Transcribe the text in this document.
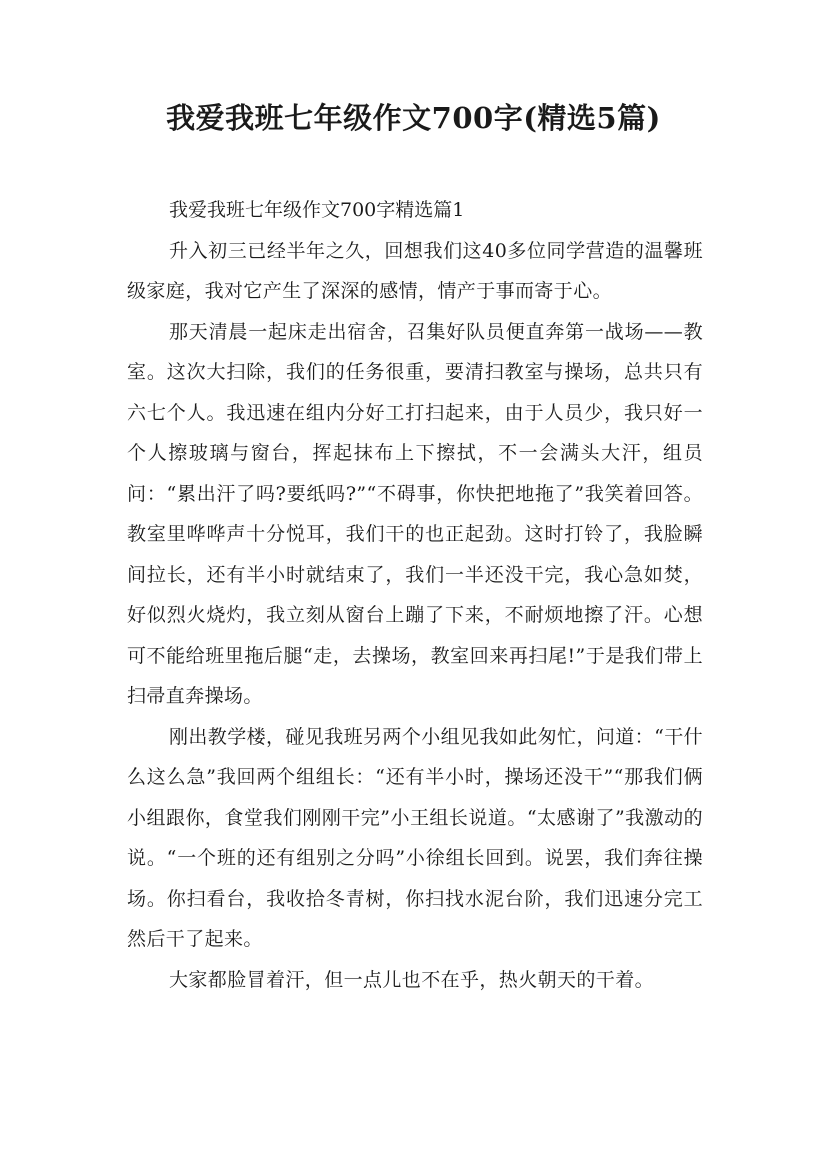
我爱我班七年级作文700字(精选5篇)

我爱我班七年级作文700字精选篇1

升入初三已经半年之久，回想我们这40多位同学营造的温馨班级家庭，我对它产生了深深的感情，情产于事而寄于心。

那天清晨一起床走出宿舍，召集好队员便直奔第一战场——教室。这次大扫除，我们的任务很重，要清扫教室与操场，总共只有六七个人。我迅速在组内分好工打扫起来，由于人员少，我只好一个人擦玻璃与窗台，挥起抹布上下擦拭，不一会满头大汗，组员问：“累出汗了吗?要纸吗?”“不碍事，你快把地拖了”我笑着回答。教室里哗哗声十分悦耳，我们干的也正起劲。这时打铃了，我脸瞬间拉长，还有半小时就结束了，我们一半还没干完，我心急如焚，好似烈火烧灼，我立刻从窗台上蹦了下来，不耐烦地擦了汗。心想可不能给班里拖后腿“走，去操场，教室回来再扫尾!”于是我们带上扫帚直奔操场。

刚出教学楼，碰见我班另两个小组见我如此匆忙，问道：“干什么这么急”我回两个组组长：“还有半小时，操场还没干”“那我们俩小组跟你，食堂我们刚刚干完”小王组长说道。“太感谢了”我激动的说。“一个班的还有组别之分吗”小徐组长回到。说罢，我们奔往操场。你扫看台，我收拾冬青树，你扫找水泥台阶，我们迅速分完工然后干了起来。

大家都脸冒着汗，但一点儿也不在乎，热火朝天的干着。
